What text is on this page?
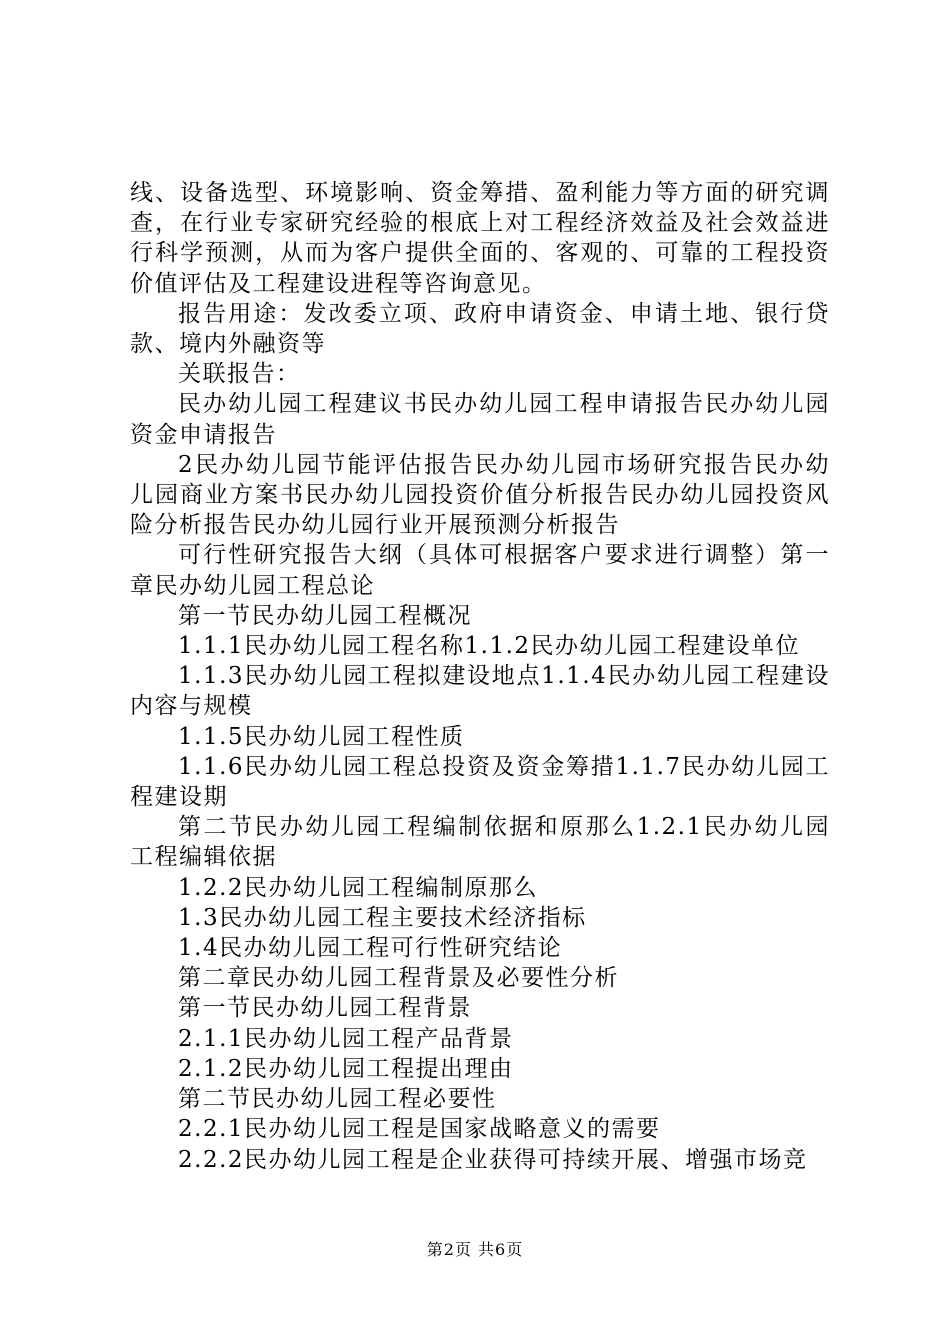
线、设备选型、环境影响、资金筹措、盈利能力等方面的研究调查，在行业专家研究经验的根底上对工程经济效益及社会效益进行科学预测，从而为客户提供全面的、客观的、可靠的工程投资价值评估及工程建设进程等咨询意见。

报告用途：发改委立项、政府申请资金、申请土地、银行贷款、境内外融资等

关联报告：

民办幼儿园工程建议书民办幼儿园工程申请报告民办幼儿园资金申请报告

2民办幼儿园节能评估报告民办幼儿园市场研究报告民办幼儿园商业方案书民办幼儿园投资价值分析报告民办幼儿园投资风险分析报告民办幼儿园行业开展预测分析报告

可行性研究报告大纲（具体可根据客户要求进行调整）第一章民办幼儿园工程总论

第一节民办幼儿园工程概况

1.1.1民办幼儿园工程名称1.1.2民办幼儿园工程建设单位

1.1.3民办幼儿园工程拟建设地点1.1.4民办幼儿园工程建设内容与规模

1.1.5民办幼儿园工程性质

1.1.6民办幼儿园工程总投资及资金筹措1.1.7民办幼儿园工程建设期

第二节民办幼儿园工程编制依据和原那么1.2.1民办幼儿园工程编辑依据

1.2.2民办幼儿园工程编制原那么

1.3民办幼儿园工程主要技术经济指标

1.4民办幼儿园工程可行性研究结论

第二章民办幼儿园工程背景及必要性分析

第一节民办幼儿园工程背景

2.1.1民办幼儿园工程产品背景

2.1.2民办幼儿园工程提出理由

第二节民办幼儿园工程必要性

2.2.1民办幼儿园工程是国家战略意义的需要

2.2.2民办幼儿园工程是企业获得可持续开展、增强市场竞

第2页 共6页
